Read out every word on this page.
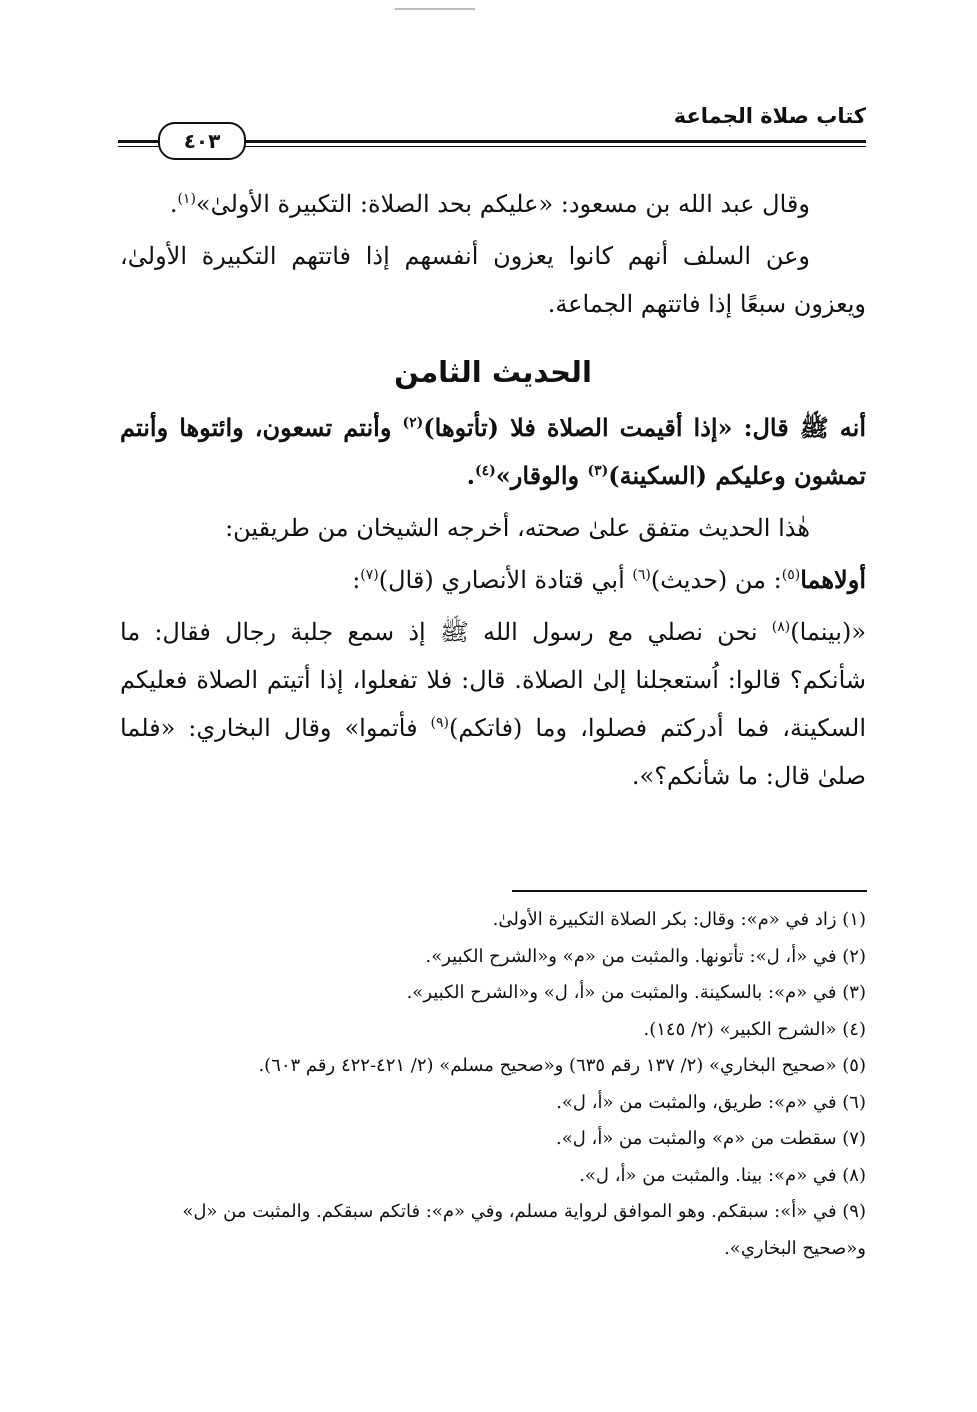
كتاب صلاة الجماعة
٤٠٣

وقال عبد الله بن مسعود: «عليكم بحد الصلاة: التكبيرة الأولىٰ»$^{(١)}$.

وعن السلف أنهم كانوا يعزون أنفسهم إذا فاتتهم التكبيرة الأولىٰ، ويعزون سبعًا إذا فاتتهم الجماعة.

الحديث الثامن

أنه ﷺ قال: «إذا أقيمت الصلاة فلا (تأتوها)$^{(٢)}$ وأنتم تسعون، وائتوها وأنتم تمشون وعليكم (السكينة)$^{(٣)}$ والوقار»$^{(٤)}$.

هٰذا الحديث متفق علىٰ صحته، أخرجه الشيخان من طريقين:

أولاهما$^{(٥)}$: من (حديث)$^{(٦)}$ أبي قتادة الأنصاري (قال)$^{(٧)}$:

«(بينما)$^{(٨)}$ نحن نصلي مع رسول الله ﷺ إذ سمع جلبة رجال فقال: ما شأنكم؟ قالوا: اُستعجلنا إلىٰ الصلاة. قال: فلا تفعلوا، إذا أتيتم الصلاة فعليكم السكينة، فما أدركتم فصلوا، وما (فاتكم)$^{(٩)}$ فأتموا» وقال البخاري: «فلما صلىٰ قال: ما شأنكم؟».

(١) زاد في «م»: وقال: بكر الصلاة التكبيرة الأولىٰ.

(٢) في «أ، ل»: تأتونها. والمثبت من «م» و«الشرح الكبير».

(٣) في «م»: بالسكينة. والمثبت من «أ، ل» و«الشرح الكبير».

(٤) «الشرح الكبير» (٢/ ١٤٥).

(٥) «صحيح البخاري» (٢/ ١٣٧ رقم ٦٣٥) و«صحيح مسلم» (٢/ ٤٢١-٤٢٢ رقم ٦٠٣).

(٦) في «م»: طريق، والمثبت من «أ، ل».

(٧) سقطت من «م» والمثبت من «أ، ل».

(٨) في «م»: بينا. والمثبت من «أ، ل».

(٩) في «أ»: سبقكم. وهو الموافق لرواية مسلم، وفي «م»: فاتكم سبقكم. والمثبت من «ل» و«صحيح البخاري».
